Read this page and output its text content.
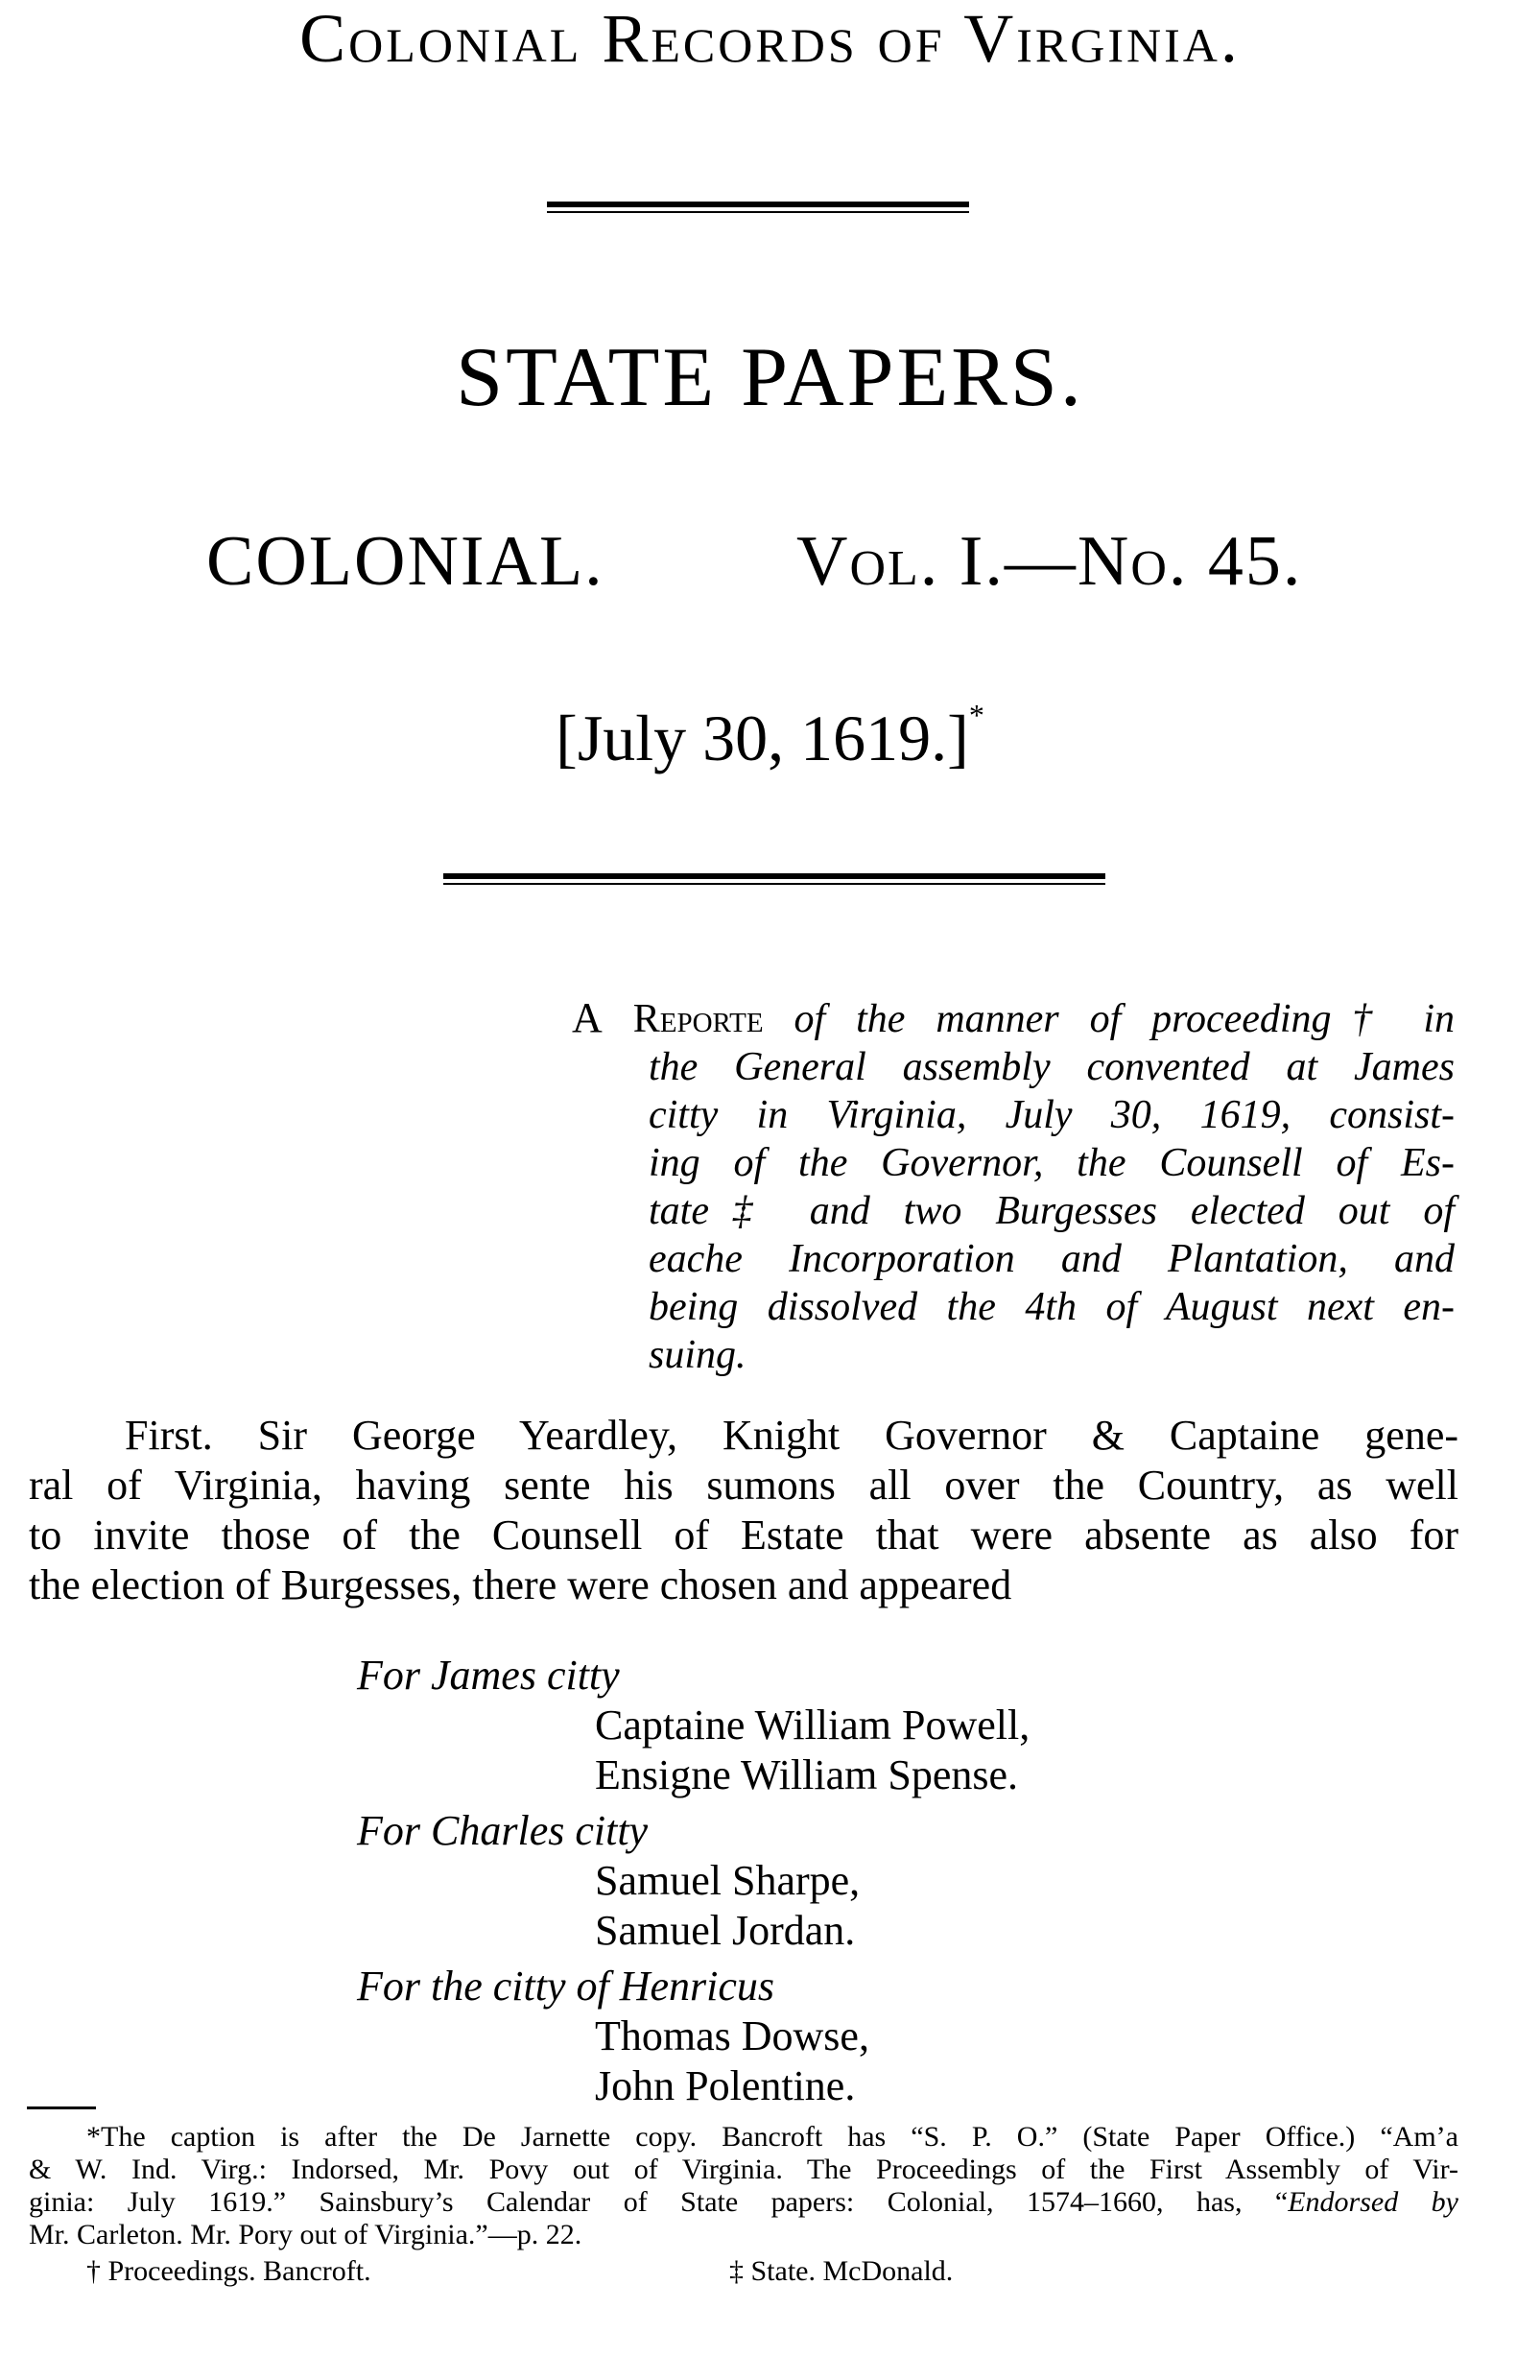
Colonial Records of Virginia.
STATE PAPERS.
COLONIAL.	Vol. I.—No. 45.
[July 30, 1619.]*
A Reporte of the manner of proceeding† in
the General assembly convented at James
citty in Virginia, July 30, 1619, consist-
ing of the Governor, the Counsell of Es-
tate‡ and two Burgesses elected out of
eache Incorporation and Plantation, and
being dissolved the 4th of August next en-
suing.
First. Sir George Yeardley, Knight Governor & Captaine gene-
ral of Virginia, having sente his sumons all over the Country, as well
to invite those of the Counsell of Estate that were absente as also for
the election of Burgesses, there were chosen and appeared
For James citty
Captaine William Powell,
Ensigne William Spense.
For Charles citty
Samuel Sharpe,
Samuel Jordan.
For the citty of Henricus
Thomas Dowse,
John Polentine.
*The caption is after the De Jarnette copy. Bancroft has “S. P. O.” (State Paper Office.) “Am’a
& W. Ind. Virg.: Indorsed, Mr. Povy out of Virginia. The Proceedings of the First Assembly of Vir-
ginia: July 1619.” Sainsbury’s Calendar of State papers: Colonial, 1574–1660, has, “Endorsed by
Mr. Carleton. Mr. Pory out of Virginia.”—p. 22.
† Proceedings. Bancroft.	‡ State. McDonald.
